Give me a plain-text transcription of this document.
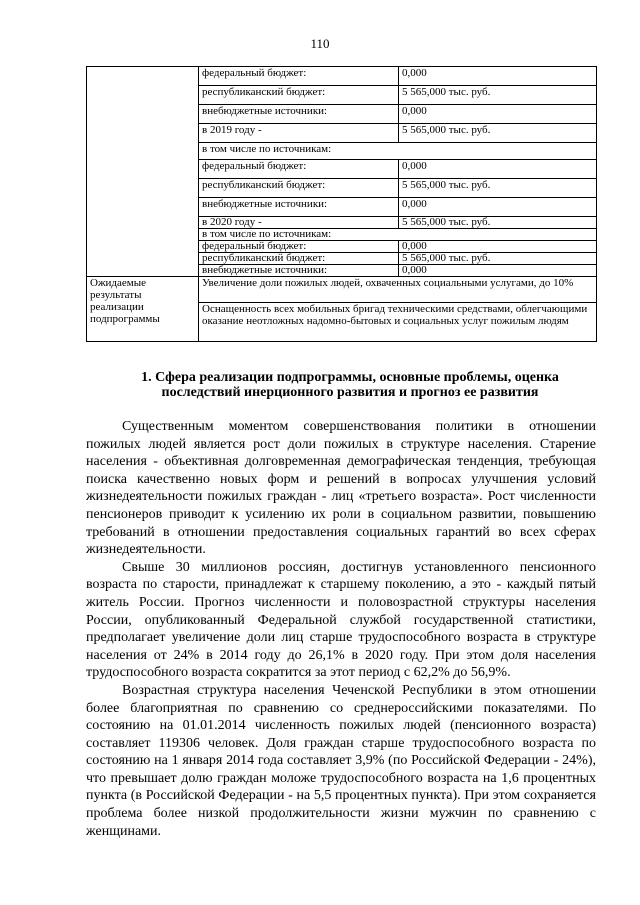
110
	федеральный бюджет:	0,000
	республиканский бюджет:	5 565,000 тыс. руб.
	внебюджетные источники:	0,000
	в 2019 году -	5 565,000 тыс. руб.
	в том числе по источникам:	
	федеральный бюджет:	0,000
	республиканский бюджет:	5 565,000 тыс. руб.
	внебюджетные источники:	0,000
	в 2020 году -	5 565,000 тыс. руб.
	в том числе по источникам:	
	федеральный бюджет:	0,000
	республиканский бюджет:	5 565,000 тыс. руб.
	внебюджетные источники:	0,000
Ожидаемые результаты реализации подпрограммы	Увеличение доли пожилых людей, охваченных социальными услугами, до 10%	
	Оснащенность всех мобильных бригад техническими средствами, облегчающими оказание неотложных надомно-бытовых и социальных услуг пожилым людям	
1. Сфера реализации подпрограммы, основные проблемы, оценка последствий инерционного развития и прогноз ее развития

Существенным моментом совершенствования политики в отношении пожилых людей является рост доли пожилых в структуре населения. Старение населения - объективная долговременная демографическая тенденция, требующая поиска качественно новых форм и решений в вопросах улучшения условий жизнедеятельности пожилых граждан - лиц «третьего возраста». Рост численности пенсионеров приводит к усилению их роли в социальном развитии, повышению требований в отношении предоставления социальных гарантий во всех сферах жизнедеятельности.

Свыше 30 миллионов россиян, достигнув установленного пенсионного возраста по старости, принадлежат к старшему поколению, а это - каждый пятый житель России. Прогноз численности и половозрастной структуры населения России, опубликованный Федеральной службой государственной статистики, предполагает увеличение доли лиц старше трудоспособного возраста в структуре населения от 24% в 2014 году до 26,1% в 2020 году. При этом доля населения трудоспособного возраста сократится за этот период с 62,2% до 56,9%.

Возрастная структура населения Чеченской Республики в этом отношении более благоприятная по сравнению со среднероссийскими показателями. По состоянию на 01.01.2014 численность пожилых людей (пенсионного возраста) составляет 119306 человек. Доля граждан старше трудоспособного возраста по состоянию на 1 января 2014 года составляет 3,9% (по Российской Федерации - 24%), что превышает долю граждан моложе трудоспособного возраста на 1,6 процентных пункта (в Российской Федерации - на 5,5 процентных пункта). При этом сохраняется проблема более низкой продолжительности жизни мужчин по сравнению с женщинами.
